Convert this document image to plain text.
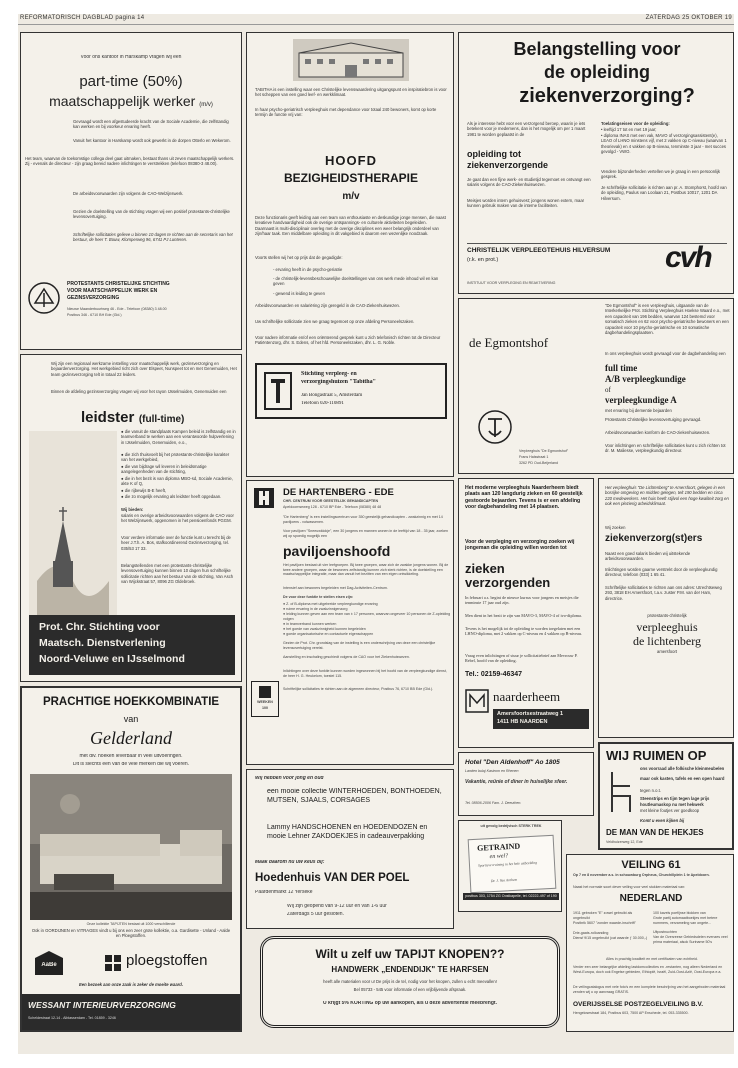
REFORMATORISCH DAGBLAD pagina 14	ZATERDAG 25 OKTOBER 19
Voor ons kantoor in Harskamp vragen wij een
part-time (50%)
maatschappelijk werker (m/v)
Gevraagd wordt een afgestudeerde kracht van de Sociale Academie, die zelfstandig kan werken en bij voorkeur ervaring heeft.
Vanuit het kantoor in Harskamp wordt ook gewerkt in de dorpen Otterlo en Wekerom.
Het team, waarvan de toekomstige collega deel gaat uitmaken, bestaat thans uit zeven maatschappelijk werkers. Zij - evenals de directeur - zijn graag bereid nadere inlichtingen te verstrekken (telefoon 08380-3 48.00).
De arbeidsvoorwaarden zijn volgens de CAO-Welzijnswerk.
Gezien de doelstelling van de stichting vragen wij een positief protestants-christelijke levensovertuiging.
Schriftelijke sollicitaties gelieve u binnen 10 dagen te richten aan de secretaris van het bestuur, de heer T. Bouw, Klomperweg 96, 6741 PJ Lunteren.
PROTESTANTS CHRISTELIJKE STICHTING
VOOR MAATSCHAPPELIJK WERK EN
GEZINSVERZORGING
Nieuwe Maanderbuurtweg 46 - Ede - Telefoon (08380) 3 48.00
Postbus 346 - 6710 BH Ede (Gld.)
TABITHA is een instelling waar een Christelijke levenswaardering uitgangspunt en inspiratiebron is voor het scheppen van een goed leef- en werkklimaat.
In haar psycho-geriatrisch verpleeghuis met dependance voor totaal 240 bewoners, komt op korte termijn de functie vrij van:
HOOFD
BEZIGHEIDSTHERAPIE
m/v
Deze functionaris geeft leiding aan een team van enthousiaste en deskundige jonge mensen, die naast kreatieve handvaardigheid ook de overige ontspannings- en culturele aktiviteiten begeleiden. Daarnaast is multi-disciplinair overleg met de overige disciplines een weer belangrijk onderdeel van zijn/haar taak. Een middelbare opleiding in dit vakgebied is daarom een wezenlijke noodzaak.
Voorts stellen wij het op prijs dat de gegadigde:
- ervaring heeft in de psycho-geriatrie
- de christelijk-levensbeschouwelijke doelstellingen van ons werk mede inhoud wil en kan geven
- gewend is leiding te geven
Arbeidsvoorwaarden en salariëring zijn geregeld in de CAO-Ziekenhuiswezen.
Uw schriftelijke sollicitatie zien we graag tegemoet op onze afdeling Personeelszaken.
Voor nadere informatie en/of een oriënterend gesprek kunt u zich telefonisch richten tot de Directeur Patiëntenzorg, dhr. S. Edens, of het hfd. Personeelszaken, dhr. L. G. Noble.
Stichting verpleeg- en
verzorgingshuizen "Tabitha"
Jan Bongastraat 5, Amsterdam
Telefoon 020-110891
Belangstelling voor
de opleiding
ziekenverzorging?
Als je interesse hebt voor een verzorgend beroep, waarin je iets betekent voor je medemens, dan is het mogelijk om per 1 maart 1981 te worden geplaatst in de
opleiding tot
ziekenverzorgende
Je gaat dan een fijne werk- en studietijd tegemoet en ontvangt een salaris volgens de CAO-Ziekenhuiswezen.
Meisjes worden intern gehuisvest; jongens wonen extern, maar kunnen gebruik maken van de interne faciliteiten.
Toelatingseisen voor de opleiding:
• leeftijd 17 tot en met 19 jaar;
• diploma INAS met een vak, MAVO of verzorgingsassistent(e), LEAO of LHNO minstens vijf, met 2 vakken op C-niveau (waarvan 1 theorievak) en 4 vakken op B-niveau, tenminste 3 jaar - met succes gevolgd - VWO.
Vendere bijzonderheden vertellen we je graag in een persoonlijk gesprek.
Je schriftelijke sollicitatie is richten aan pr. A. Stomphorst, hoofd van de opleiding, Paulus van Loolaan 21, Postbus 10017, 1201 DA Hilversum.
CHRISTELIJK VERPLEEGTEHUIS HILVERSUM
(r.k. en prot.)	cvh
INSTITUUT VOOR VERPLEGING EN REAKTIVERING
de Egmontshof
"De Egmontshof" is een verpleeghuis, uitgaande van de Interkerkelijke Prot. Stichting Verpleeghuis Hoekse Waard e.o., met een capaciteit van 196 bedden, waarvan 124 bestemd voor somatisch zieken en 62 voor psycho-geriatrische bewoners en een capaciteit voor 10 psycho-geriatrische en 10 somatische dagbehandelingsplaatsen.
In ons verpleeghuis wordt gevraagd voor de dagbehandeling een
full time
A/B verpleegkundige
of
verpleegkundige A
met ervaring bij dementie bejaarden
Protestants Christelijke levensovertuiging gevraagd.
Arbeidsvoorwaarden konform de CAO-ziekenhuiswezen.
Voor inlichtingen en schriftelijke sollicitaties kunt u zich richten tot dr. M. Maliesse, verpleegkundig directeur.
Verpleeghuis "De Egmontshof"
Frans Halsstraat 1
3262 PD Oud-Beijerland
Wij zijn een regionaal werkzame instelling voor maatschappelijk werk, gezinsverzorging en bejaardenverzorging. Het werkgebied richt zich over Elspeet, Nunspeet tot en met Genemuiden, Het team gezinsverzorging telt in totaal 22 leiders.
Binnen de afdeling gezinsverzorging vragen wij voor het rayon IJsselmuiden, Genemuiden een
leidster (full-time)
● die vanuit de standplaats Kampen beleid is zelfstandig en in teamverband te werken aan een verantwoorde hulpverlening in IJsselmuiden, Genemuiden, e.o.,
● die zich thuisvoelt bij het protestants-christelijke karakter van het werkgebied,
● die van bijdrage wil leveren in beleidsmatige aangelegenheden van de stichting,
● die in het bezit is van diploma MBO-sd, Sociale Academie, akte K of Q,
● die rijbewijs B-E heeft,
● die zo mogelijk ervaring als leidster heeft opgedaan.
Wij bieden:
salaris en overige arbeidsvoorwaarden volgens de CAO voor het Welzijnswerk, opgenomen in het pensioenfonds PGGM.
Voor verdere informatie over de functie kunt u terecht bij de heer J.T.h. A. Bos, stafkoordinerend Gezinsverzorging, tel. 035/53 17 33.
Belangstellenden met een protestants-christelijke levensovertuiging kunnen binnen 10 dagen hun schriftelijke sollicitatie richten aan het bestuur van de stichting, Van Asch van Wijckstraat 57, 8096 ZG Oldebroek.
Prot. Chr. Stichting voor
Maatsch. Dienstverlening
Noord-Veluwe en IJsselmond
DE HARTENBERG - EDE
CHR. CENTRUM VOOR GEESTELIJK GEHANDICAPTEN
Apeldoornseweg 128 - 6710 BP Ede - Telefoon (08380) 48 48
"De Hartenberg" is een instellingscentrum voor 350 geestelijk gehandicapten - zwakzinnig en met 14 paviljoens - volwassenen.
Voor paviljoen "Sneeuwklokje", een 30 jongens en mannen wonen in de leeftijd van 18 - 35 jaar, zoeken wij op spoedig mogelijk een
paviljoenshoofd
Het paviljoen bestaat uit vier leefgroepen. Bij twee groepen, waar zich de zwakke jongens wonen. Bij de twee andere groepen, waar de bewoners zelfstandig kunnen zich sterk richten, is de doelstelling een maatschappelijke integratie, maar dan vanuit het bezitten van een eigen ontwikkeling.
Intensief aan bewoners begeleiden met Dag-Activiteiten-Centrum.
De voor deze funktie te stellen eisen zijn:
● Z. of B-diploma met uitgebreide verpleegkundige ervaring
● ruime ervaring in de zwakzinnigenzorg
● leiding kunnen geven aan een team van ± 17 personen, waarvan ongeveer 10 personen de Z-opleiding volgen
● in teamverband kunnen werken
● het goede van zwakzinnigheid kunnen begeleiden
● goede organisatorische en contactuele eigenschappen
Gezien de Prot. Chr. grondslag van de instelling is een onderschrijving van deze een christelijke levensovertuiging vereist.
Aanstelling en inschaling geschiedt volgens de CAO voor het Ziekenhuiswezen.
Inlichtingen over deze funktie kunnen worden ingewonnen bij het hoofd van de verpleegkundige dienst, de heer H. G. Heukelom, toestel 115.
Schriftelijke sollicitaties te richten aan de algemeen directeur, Postbus 76, 6710 BB Ede (Gld.).
WEEKEN
100
Het moderne verpleeghuis Naarderheem biedt plaats aan 120 langdurig zieken en 60 geestelijk gestoorde bejaarden. Tevens is er een afdeling voor dagbehandeling met 14 plaatsen.
Voor de verpleging en verzorging zoeken wij jongeman die opleiding willen worden tot
zieken
verzorgenden
In februari a.s. begint de nieuwe kursus voor jongens en meisjes die tenminste 17 jaar oud zijn.
Men dient in het bezit te zijn van MAVO-3, MAVO-4 of ivo-diploma.
Tevens is het mogelijk tot de opleiding te worden toegelaten met een LHNO-diploma, met 2 vakken op C-niveau en 4 vakken op B-niveau.
Vraag even inlichtingen of stuur je sollicitatiebrief aan Mevrouw P. Rebel, hoofd van de opleiding.
Tel.: 02159-46347
naarderheem
Amersfoortsestraatweg 1
1411 HB NAARDEN
Het verpleeghuis "De Lichtenberg" te Amersfoort, gelegen in een bosrijke omgeving en midden gelegen, telt 190 bedden en circa 220 medewerkers. Het huis heeft stijlvol een hoge kwaliteit zorg en ook een plezierig arbeidsklimaat.
Wij zoeken
ziekenverzorg(st)ers
Naast een goed salaris bieden wij uitstekende arbeidsvoorwaarden.
Inlichtingen worden gaarne verstrekt door de verpleegkundig directeur, telefoon (033) 1 65 41.
Schriftelijke sollicitaties te richten aan ons adres: Utrechtseweg 293, 3818 EH Amersfoort, t.a.v. zuster P.M. van der Ham, directrice.
protestants-christelijk
verpleeghuis
de lichtenberg
amersfoort
WIJ RUIMEN OP
ons voorraad alle folkische kleinmeubelen
maar ook kasten, tafels en een open haard
tegen n.o.t.
Steenstrips en tijm tegen lage prijs
houtleumaskop nu met hekwerk
met kleine foutjes ver goedkoop
Komt u even kijken bij
DE MAN VAN DE HEKJES
Veldhuizerweg 12, Ede
Hotel "Den Aldenhoff" Ao 1805
Landen bulaj Kastrom en Rhenen
Vakantie, reünie of diner in huiselijke sfeer.
Tel. 08506-2006 Fam. J. Deeuthen.
uit gevolg bedrijvisch STERK TREK
GETRAIND
en wel?
Sportieve training in het hele uitbeelding
Dr. J. Van Arnhem
postbus 303, 1754 ZG Oostkapelle, tel. 02222-497 of 190
PRACHTIGE HOEKKOMBINATIE
van
Gelderland
met div. hoeken leverbaar in veel uitvoeringen.
Dit is slechts één van de vele merken die wij voeren.
Onze kollektie TAPIJTEN bestaat uit 1000 verschillende
Ook in GORDIJNEN en VITRAGES vindt u bij ons een zeer grote kollektie, o.a. Gardisette - Unland - Aalde en Ploegstoffen.
AaBe	ploegstoffen
Een bezoek aan onze zaak is zeker de moeite waard.
WESSANT INTERIEURVERZORGING
Scheldestraat 12-14 - Alblasserdam - Tel. 01859 - 3246
Wij hebben voor jong en oud
een mooie collectie WINTERHOEDEN, BONTHOEDEN, MUTSEN, SJAALS, CORSAGES
Lammy HANDSCHOENEN en HOEDENDOZEN en mooie Lehner ZAKDOEKJES in cadeauverpakking
Maak daarom nu uw keus bij:
Hoedenhuis VAN DER POEL
Paardenmarkt 12 Yerseke
Wij zijn geopend van 9-12 uur en van 1-6 uur
Zaterdags 5 uur gesloten.
VEILING 61
Op 7 en 8 november a.s. in schouwburg Orpheus, Churchillplein 1 te Apeldoorn.
Naast het normale soort dever veiling voor veel stukken materiaal van:
NEDERLAND
1911 gebroken "E" zowel gebruikt als ongebruikt
Postbrik 5607 "zonder waarde-inschrift"
Drie-gaats-rolloanding
Diensf 9/15 ongebruikt (cat waarde ƒ 30.000,-)
100 kavels poefijnse blokken van
Grote partij automaatboekjes met betere nummers, verzameling van ongete...
Uitpostnuchten
Van de Overzeese Gebiedsdelen evenzes veel prima materiaal, alsok Suriname 50's
Alles in prachtig kwaliteit en met certificaten van echtheid.
Verder een zeer belangrijke afdeling lastdomcollecties en -restanten, nog alleen Nederland en West-Europa, doch ook Engelse gebieden, Ethiopië, Israël, Zuid-Oost-Azië, Oost-Europa e.a.
De veilingcatalogus met vele foto's en een komplete beschrijving van het aangeboden materiaal zenden wij u op aanvraag GRATIS.
OVERIJSSELSE POSTZEGELVEILING B.V.
Hengelosestraat 184, Postbus 603, 7500 AP Enschede, tel. 053-335500.
Wilt u zelf uw TAPIJT KNOPEN??
HANDWERK „ENDENDIJK" TE HARFSEN
heeft alle materialen voor u! De prijs is de tel, nodig voor het knopen, zullen u echt meevallen!
Bel 05733 - 545 voor informatie of een vrijblijvende afspraak.
U krijgt 5% KORTING op uw aankopen, als u deze advertentie meebrengt.
